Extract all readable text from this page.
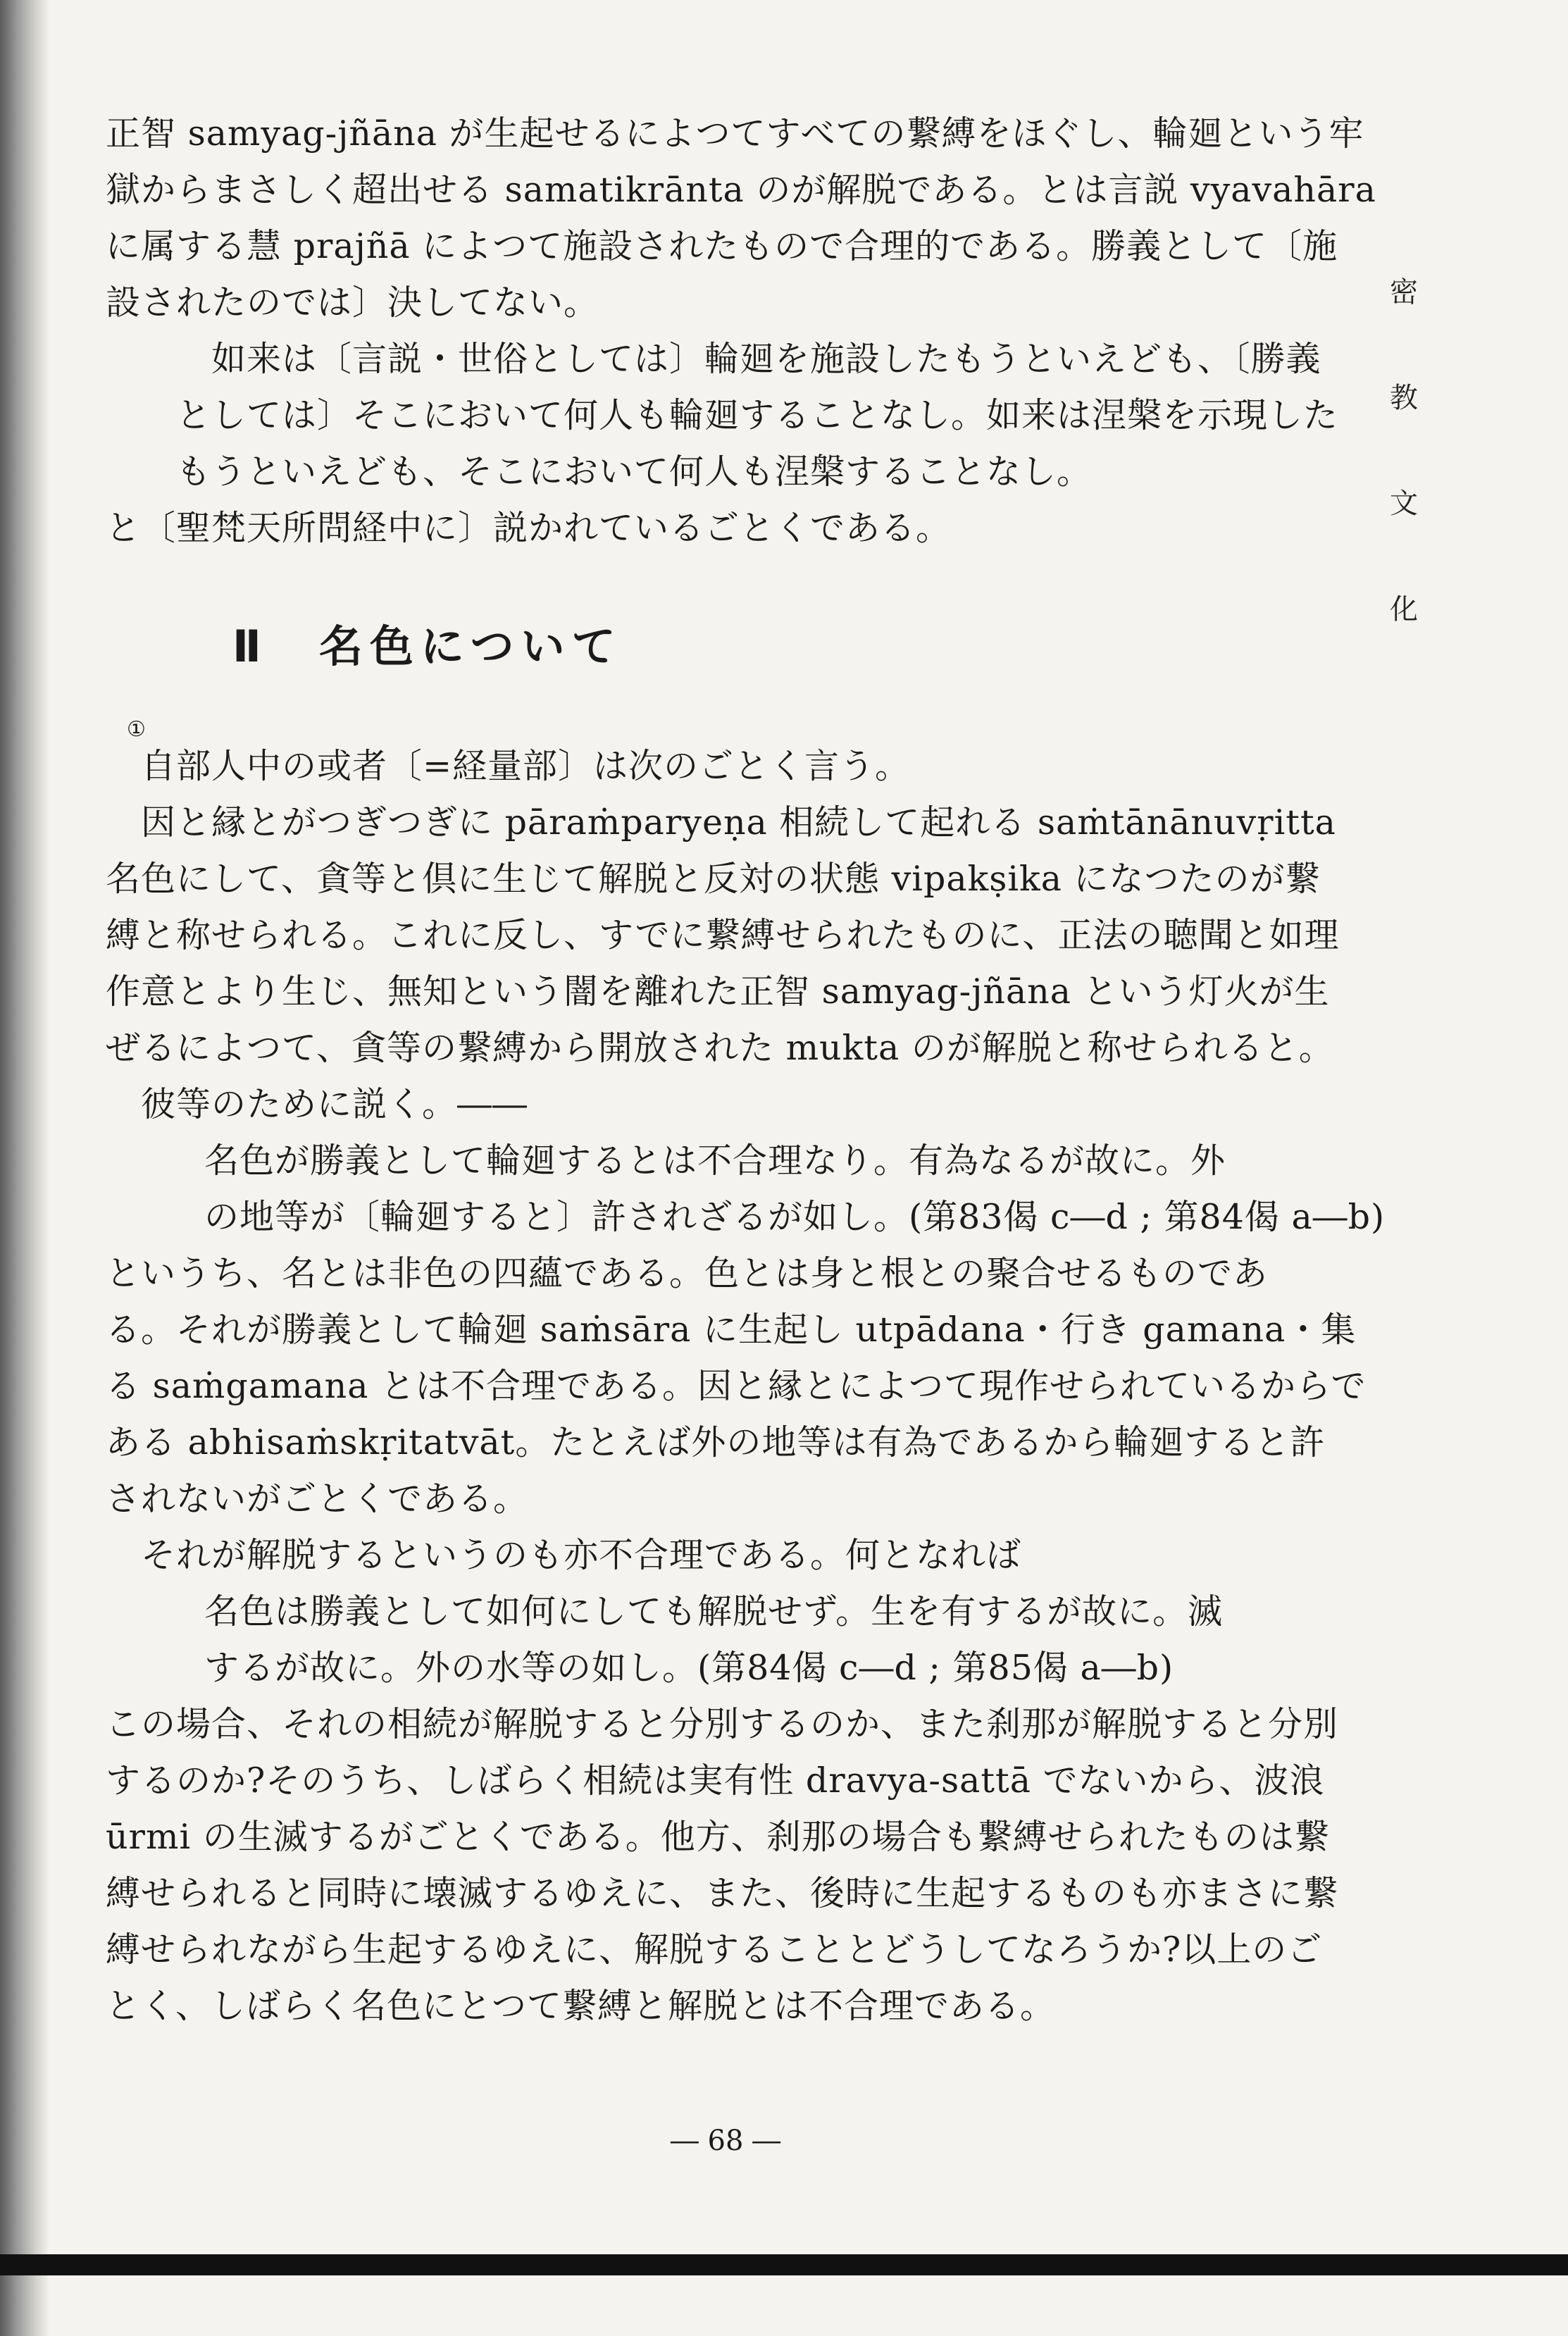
密
教
文
化
正智 samyag-jñāna が生起せるによつてすべての繋縛をほぐし、輪廻という牢
獄からまさしく超出せる samatikrānta のが解脱である。とは言説 vyavahāra
に属する慧 prajñā によつて施設されたもので合理的である。勝義として〔施
設されたのでは〕決してない。
如来は〔言説・世俗としては〕輪廻を施設したもうといえども、〔勝義
としては〕そこにおいて何人も輪廻することなし。如来は涅槃を示現した
もうといえども、そこにおいて何人も涅槃することなし。
と〔聖梵天所問経中に〕説かれているごとくである。
Ⅱ　名色について
①
自部人中の或者〔=経量部〕は次のごとく言う。
因と縁とがつぎつぎに pāraṁparyeṇa 相続して起れる saṁtānānuvṛitta
名色にして、貪等と倶に生じて解脱と反対の状態 vipakṣika になつたのが繋
縛と称せられる。これに反し、すでに繋縛せられたものに、正法の聴聞と如理
作意とより生じ、無知という闇を離れた正智 samyag-jñāna という灯火が生
ぜるによつて、貪等の繋縛から開放された mukta のが解脱と称せられると。
彼等のために説く。――
名色が勝義として輪廻するとは不合理なり。有為なるが故に。外
の地等が〔輪廻すると〕許されざるが如し。(第83偈 c―d ; 第84偈 a―b)
というち、名とは非色の四蘊である。色とは身と根との聚合せるものであ
る。それが勝義として輪廻 saṁsāra に生起し utpādana・行き gamana・集
る saṁgamana とは不合理である。因と縁とによつて現作せられているからで
ある abhisaṁskṛitatvāt。たとえば外の地等は有為であるから輪廻すると許
されないがごとくである。
それが解脱するというのも亦不合理である。何となれば
名色は勝義として如何にしても解脱せず。生を有するが故に。滅
するが故に。外の水等の如し。(第84偈 c―d ; 第85偈 a―b)
この場合、それの相続が解脱すると分別するのか、また刹那が解脱すると分別
するのか?そのうち、しばらく相続は実有性 dravya-sattā でないから、波浪
ūrmi の生滅するがごとくである。他方、刹那の場合も繋縛せられたものは繋
縛せられると同時に壊滅するゆえに、また、後時に生起するものも亦まさに繋
縛せられながら生起するゆえに、解脱することとどうしてなろうか?以上のご
とく、しばらく名色にとつて繋縛と解脱とは不合理である。
― 68 ―
